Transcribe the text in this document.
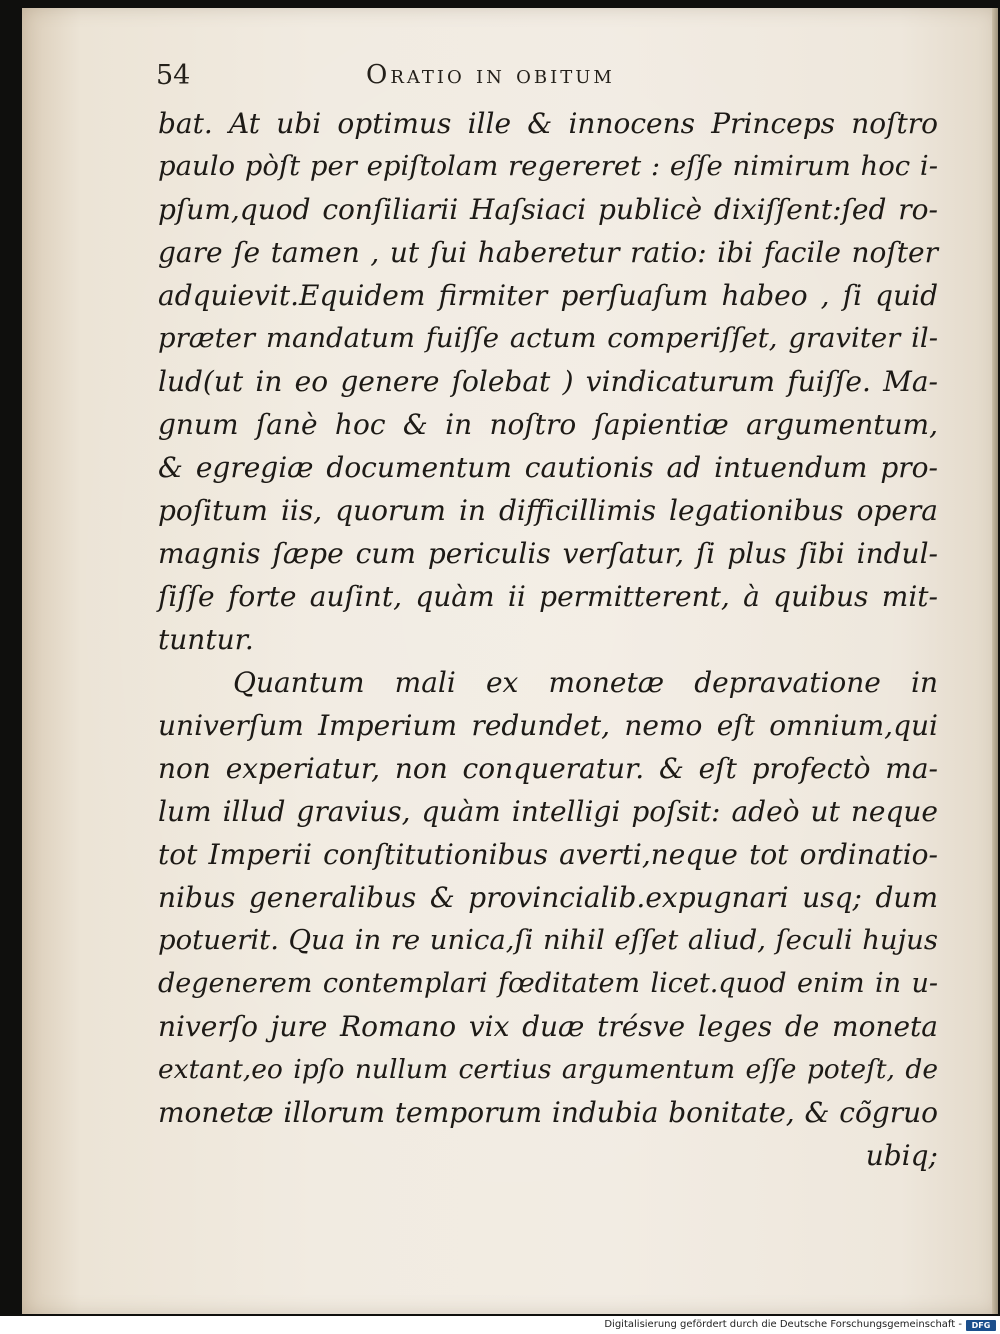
54	Oratio in obitum
bat. At ubi optimus ille & innocens Princeps noſtro
paulo pòſt per epiſtolam regereret : eſſe nimirum hoc i-
pſum,quod conſiliarii Haſsiaci publicè dixiſſent:ſed ro-
gare ſe tamen , ut ſui haberetur ratio: ibi facile noſter
adquievit.Equidem firmiter perſuaſum habeo , ſi quid
præter mandatum fuiſſe actum comperiſſet, graviter il-
lud(ut in eo genere ſolebat ) vindicaturum fuiſſe. Ma-
gnum ſanè hoc & in noſtro ſapientiæ argumentum,
& egregiæ documentum cautionis ad intuendum pro-
poſitum iis, quorum in difficillimis legationibus opera
magnis ſæpe cum periculis verſatur, ſi plus ſibi indul-
ſiſſe forte auſint, quàm ii permitterent, à quibus mit-
tuntur.
Quantum mali ex monetæ depravatione in
univerſum Imperium redundet, nemo eſt omnium,qui
non experiatur, non conqueratur. & eſt profectò ma-
lum illud gravius, quàm intelligi poſsit: adeò ut neque
tot Imperii conſtitutionibus averti,neque tot ordinatio-
nibus generalibus & provincialib.expugnari usq; dum
potuerit. Qua in re unica,ſi nihil eſſet aliud, ſeculi hujus
degenerem contemplari fœditatem licet.quod enim in u-
niverſo jure Romano vix duæ trésve leges de moneta
extant,eo ipſo nullum certius argumentum eſſe poteſt, de
monetæ illorum temporum indubia bonitate, & cõgruo
ubiq;
Digitalisierung gefördert durch die Deutsche Forschungsgemeinschaft -	DFG
